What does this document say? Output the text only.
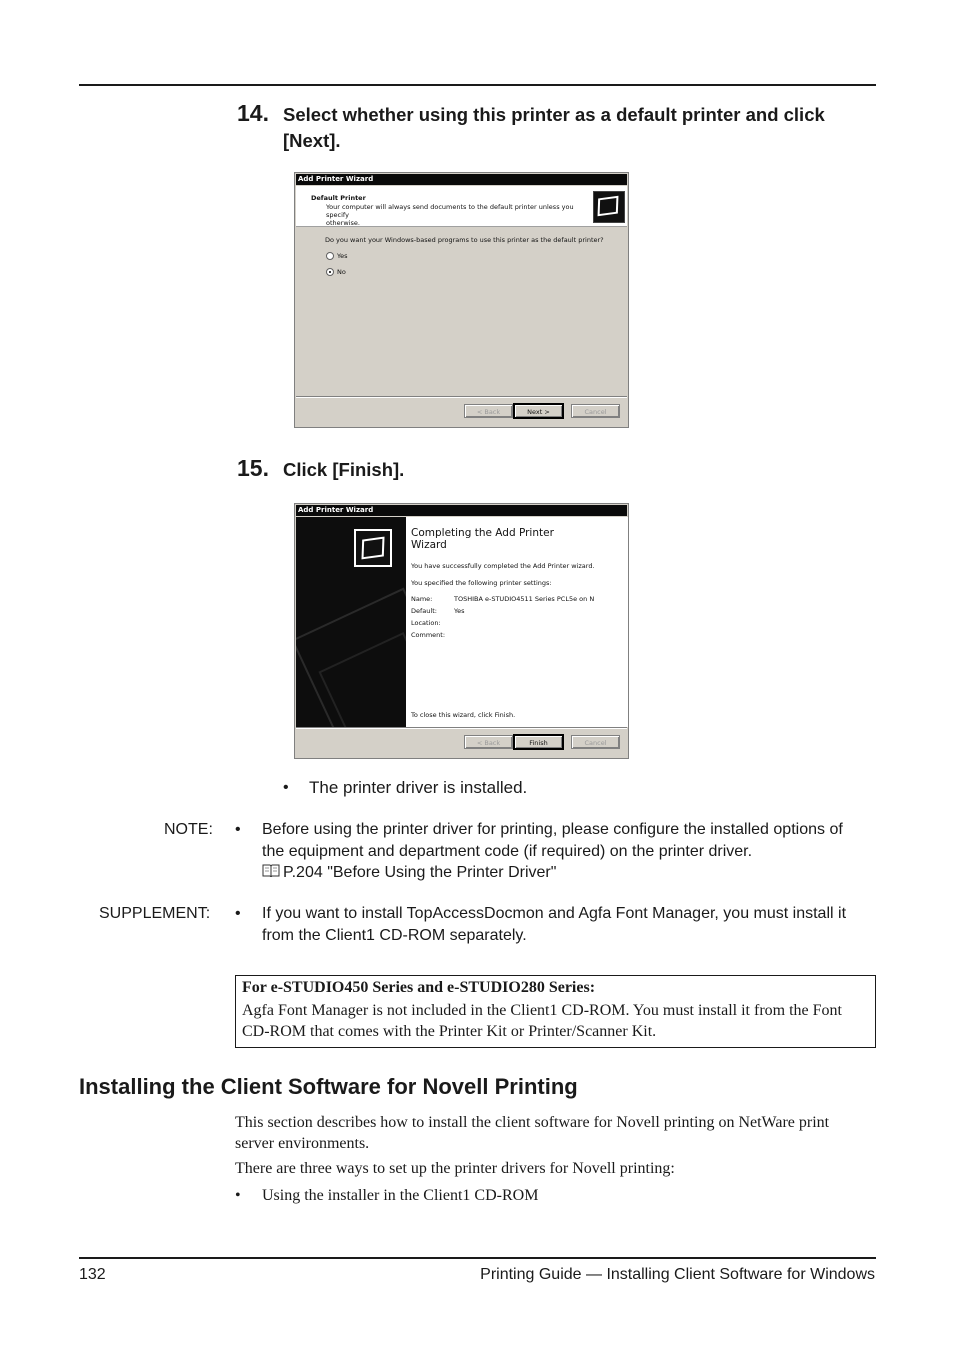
14. Select whether using this printer as a default printer and click
[Next].
Add Printer Wizard
Default Printer
Your computer will always send documents to the default printer unless you specify
otherwise.
Do you want your Windows-based programs to use this printer as the default printer?
Yes
No
< Back	Next >	Cancel
15. Click [Finish].
Add Printer Wizard
Completing the Add Printer
Wizard
You have successfully completed the Add Printer wizard.
You specified the following printer settings:
Name:	TOSHIBA e-STUDIO4511 Series PCL5e on N
Default:	Yes
Location:
Comment:
To close this wizard, click Finish.
< Back	Finish	Cancel
• The printer driver is installed.
NOTE: • Before using the printer driver for printing, please configure the installed options of
the equipment and department code (if required) on the printer driver.
P.204 "Before Using the Printer Driver"
SUPPLEMENT: • If you want to install TopAccessDocmon and Agfa Font Manager, you must install it
from the Client1 CD-ROM separately.
For e-STUDIO450 Series and e-STUDIO280 Series:
Agfa Font Manager is not included in the Client1 CD-ROM. You must install it from the Font
CD-ROM that comes with the Printer Kit or Printer/Scanner Kit.
Installing the Client Software for Novell Printing
This section describes how to install the client software for Novell printing on NetWare print
server environments.
There are three ways to set up the printer drivers for Novell printing:
• Using the installer in the Client1 CD-ROM
132	Printing Guide — Installing Client Software for Windows
